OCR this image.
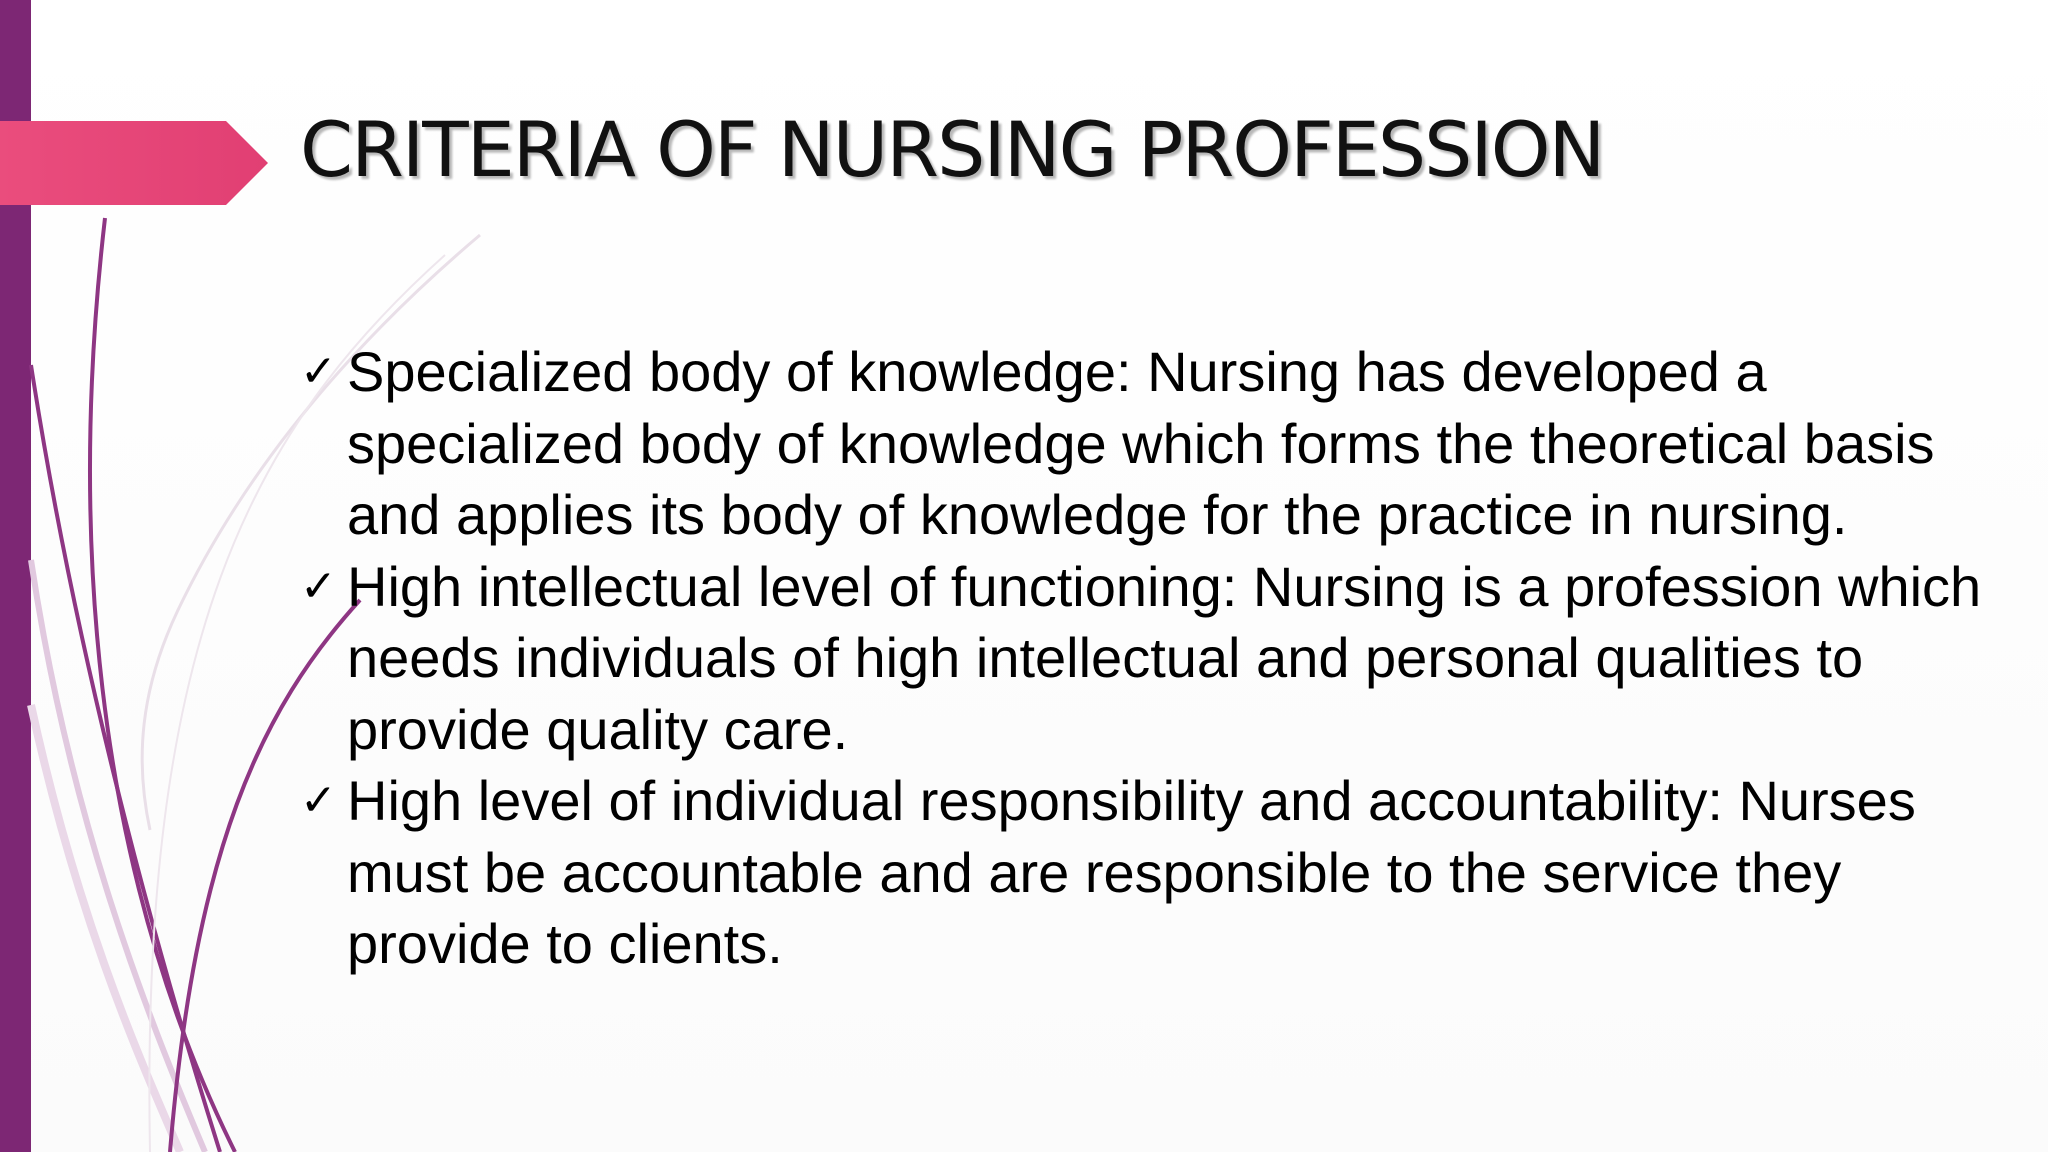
CRITERIA OF NURSING PROFESSION
✓ Specialized body of knowledge: Nursing has developed a specialized body of knowledge which forms the theoretical basis and applies its body of knowledge for the practice in nursing.
✓ High intellectual level of functioning: Nursing is a profession which needs individuals of high intellectual and personal qualities to provide quality care.
✓ High level of individual responsibility and accountability: Nurses must be accountable and are responsible to the service they provide to clients.
